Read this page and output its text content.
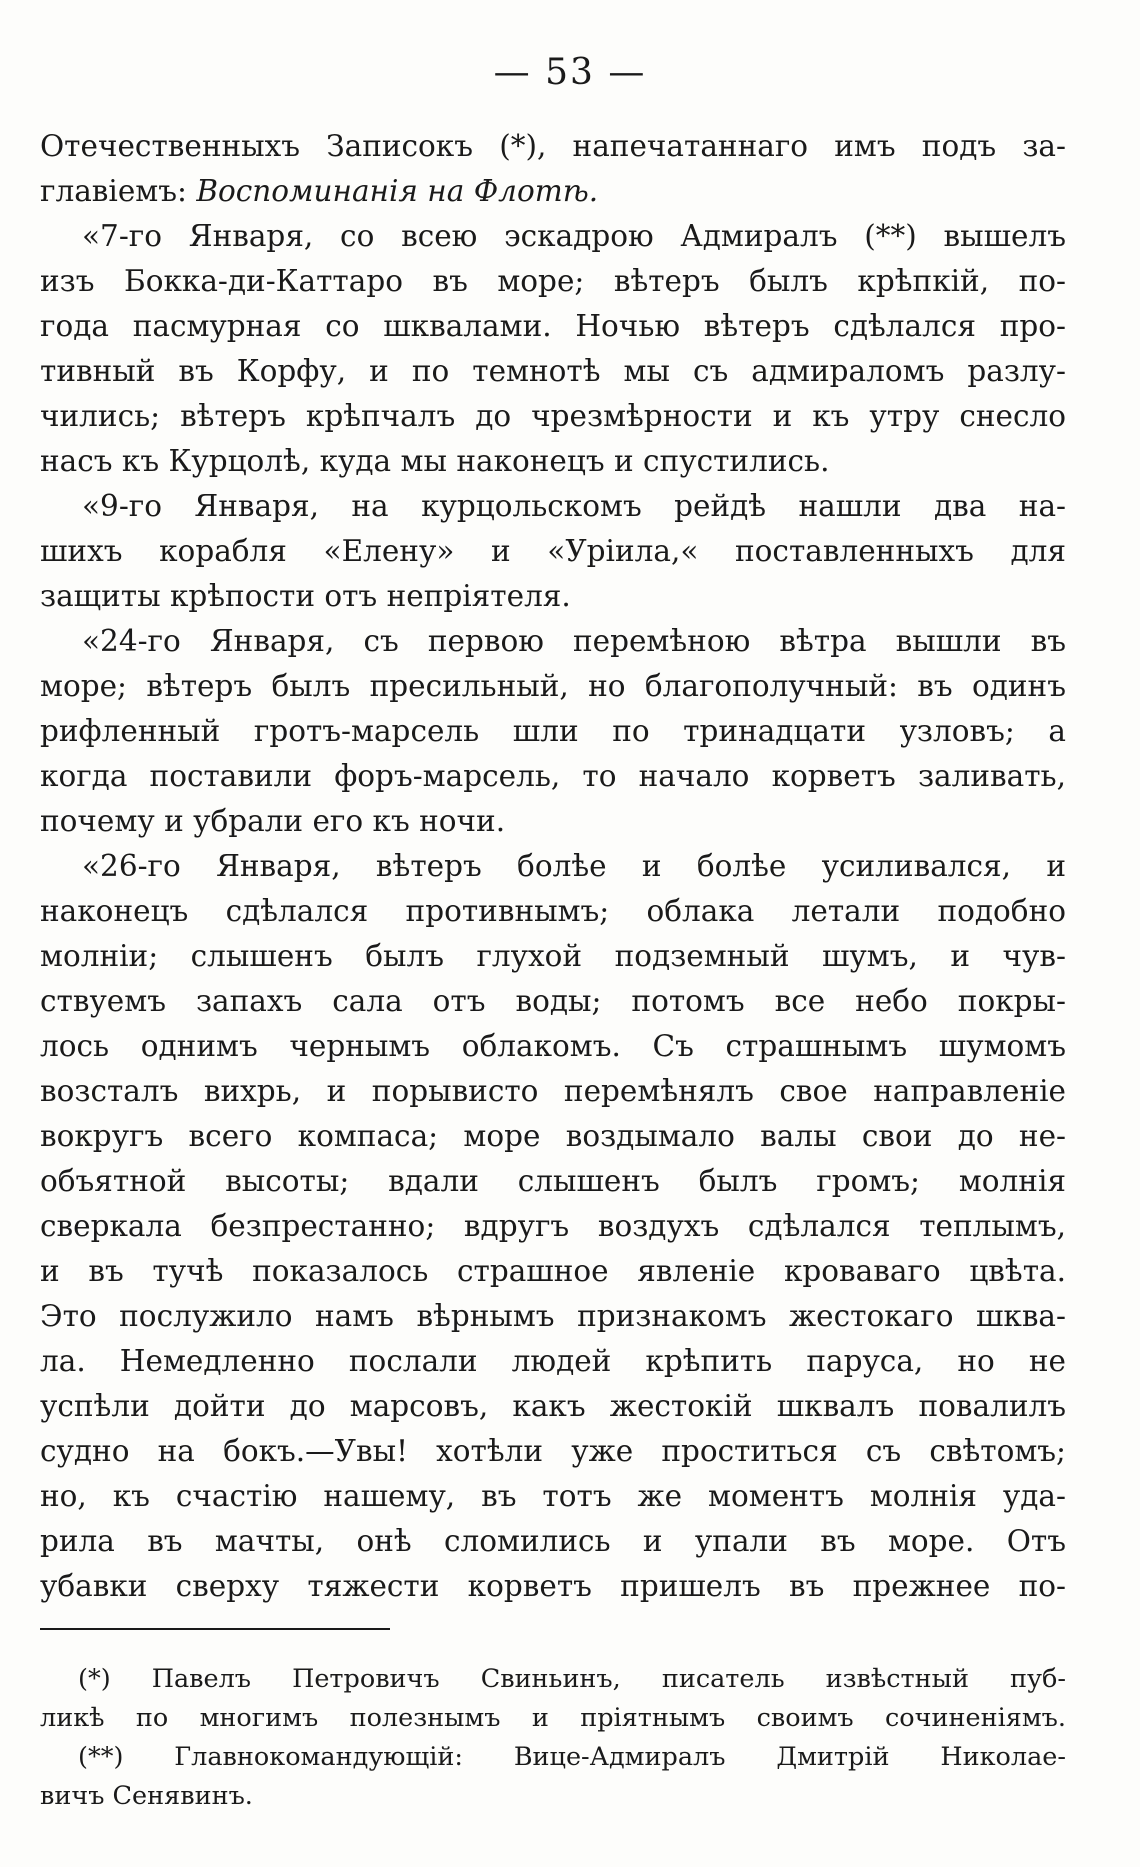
— 53 —
Отечественныхъ Записокъ (*), напечатаннаго имъ подъ за-
главіемъ: Воспоминанія на Флотѣ.
«7-го Января, со всею эскадрою Адмиралъ (**) вышелъ
изъ Бокка-ди-Каттаро въ море; вѣтеръ былъ крѣпкій, по-
года пасмурная со шквалами. Ночью вѣтеръ сдѣлался про-
тивный въ Корфу, и по темнотѣ мы съ адмираломъ разлу-
чились; вѣтеръ крѣпчалъ до чрезмѣрности и къ утру снесло
насъ къ Курцолѣ, куда мы наконецъ и спустились.
«9-го Января, на курцольскомъ рейдѣ нашли два на-
шихъ корабля «Елену» и «Уріила,« поставленныхъ для
защиты крѣпости отъ непріятеля.
«24-го Января, съ первою перемѣною вѣтра вышли въ
море; вѣтеръ былъ пресильный, но благополучный: въ одинъ
рифленный гротъ-марсель шли по тринадцати узловъ; а
когда поставили форъ-марсель, то начало корветъ заливать,
почему и убрали его къ ночи.
«26-го Января, вѣтеръ болѣе и болѣе усиливался, и
наконецъ сдѣлался противнымъ; облака летали подобно
молніи; слышенъ былъ глухой подземный шумъ, и чув-
ствуемъ запахъ сала отъ воды; потомъ все небо покры-
лось однимъ чернымъ облакомъ. Съ страшнымъ шумомъ
возсталъ вихрь, и порывисто перемѣнялъ свое направленіе
вокругъ всего компаса; море воздымало валы свои до не-
объятной высоты; вдали слышенъ былъ громъ; молнія
сверкала безпрестанно; вдругъ воздухъ сдѣлался теплымъ,
и въ тучѣ показалось страшное явленіе кроваваго цвѣта.
Это послужило намъ вѣрнымъ признакомъ жестокаго шква-
ла. Немедленно послали людей крѣпить паруса, но не
успѣли дойти до марсовъ, какъ жестокій шквалъ повалилъ
судно на бокъ.—Увы! хотѣли уже проститься съ свѣтомъ;
но, къ счастію нашему, въ тотъ же моментъ молнія уда-
рила въ мачты, онѣ сломились и упали въ море. Отъ
убавки сверху тяжести корветъ пришелъ въ прежнее по-
(*) Павелъ Петровичъ Свиньинъ, писатель извѣстный пуб-
ликѣ по многимъ полезнымъ и пріятнымъ своимъ сочиненіямъ.
(**) Главнокомандующій: Вице-Адмиралъ Дмитрій Николае-
вичъ Сенявинъ.
